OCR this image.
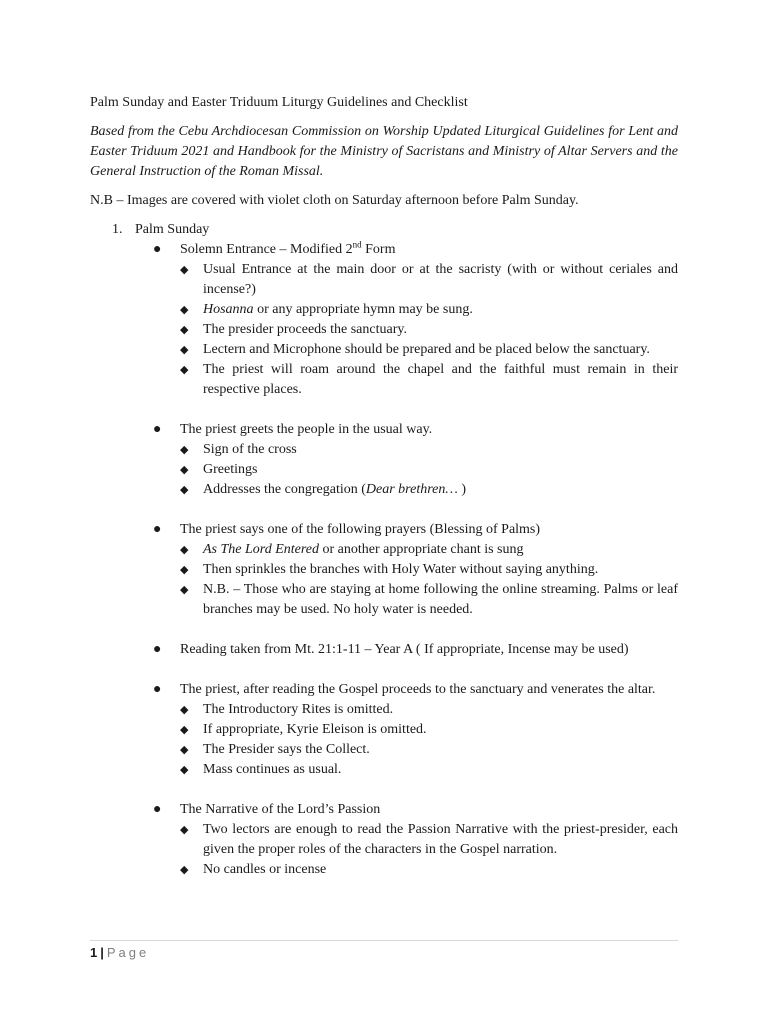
Palm Sunday and Easter Triduum Liturgy Guidelines and Checklist

Based from the Cebu Archdiocesan Commission on Worship Updated Liturgical Guidelines for Lent and Easter Triduum 2021 and Handbook for the Ministry of Sacristans and Ministry of Altar Servers and the General Instruction of the Roman Missal.

N.B – Images are covered with violet cloth on Saturday afternoon before Palm Sunday.

1. Palm Sunday
● Solemn Entrance – Modified 2nd Form
◆ Usual Entrance at the main door or at the sacristy (with or without ceriales and incense?)
◆ Hosanna or any appropriate hymn may be sung.
◆ The presider proceeds the sanctuary.
◆ Lectern and Microphone should be prepared and be placed below the sanctuary.
◆ The priest will roam around the chapel and the faithful must remain in their respective places.
● The priest greets the people in the usual way.
◆ Sign of the cross
◆ Greetings
◆ Addresses the congregation (Dear brethren… )
● The priest says one of the following prayers (Blessing of Palms)
◆ As The Lord Entered or another appropriate chant is sung
◆ Then sprinkles the branches with Holy Water without saying anything.
◆ N.B. – Those who are staying at home following the online streaming. Palms or leaf branches may be used. No holy water is needed.
● Reading taken from Mt. 21:1-11 – Year A ( If appropriate, Incense may be used)
● The priest, after reading the Gospel proceeds to the sanctuary and venerates the altar.
◆ The Introductory Rites is omitted.
◆ If appropriate, Kyrie Eleison is omitted.
◆ The Presider says the Collect.
◆ Mass continues as usual.
● The Narrative of the Lord’s Passion
◆ Two lectors are enough to read the Passion Narrative with the priest-presider, each given the proper roles of the characters in the Gospel narration.
◆ No candles or incense
1 | Page
